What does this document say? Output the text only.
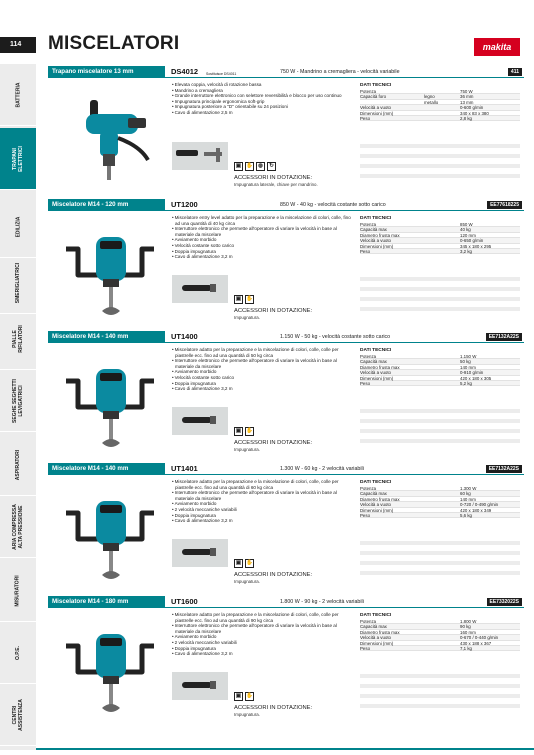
114	MISCELATORI	makita
BATTERIA
TRAPANI
ELETTRICI
EDILIZIA
SMERIGLIATRICI
PIALLE
RIFILATORI
SEGHE SEGHETTI
LEVIGATRICI
ASPIRATORI
ARIA COMPRESSA
ALTA PRESSIONE
MISURATORI
O.P.E.
CENTRI
ASSISTENZA
Trapano miscelatore 13 mm	DS4012 Sostituisce DS4011	750 W - Mandrino a cremagliera - velocità variabile	411
• Elevata coppia, velocità di rotazione bassa
• Mandrino a cremagliera
• Grande interruttore elettronico con selettore reversibilità e blocco per uso continuo
• Impugnatura principale ergonomica soft-grip
• Impugnatura posteriore a "D" orientabile su 24 posizioni
• Cavo di alimentazione 2,5 m
DATI TECNICI
Potenza	750 W
Capacità foro	legno	36 mm
metallo	13 mm
Velocità a vuoto	0-600 g/min
Dimensioni (mm)	340 x 83 x 380
Peso	2,8 kg
▣ ✋ ◍	↻
ACCESSORI IN DOTAZIONE:
Impugnatura laterale, chiave per mandrino.
Miscelatore M14 - 120 mm	UT1200	850 W - 40 kg - velocità costante sotto carico	EE77618225
• Miscelatore entry level adatto per la preparazione e la miscelazione di colori, colle, fino ad una quantità di 40 kg circa
• Interruttore elettronico che permette all'operatore di variare la velocità in base al materiale da miscelare
• Avviamento morbido
• Velocità costante sotto carico
• Doppia impugnatura
• Cavo di alimentazione 3,2 m
DATI TECNICI
Potenza	850 W
Capacità max	40 kg
Diametro frusta max	120 mm
Velocità a vuoto	0-650 g/min
Dimensioni (mm)	345 x 180 x 295
Peso	3,2 kg
▣ ✋
ACCESSORI IN DOTAZIONE:
Impugnatura.
Miscelatore M14 - 140 mm	UT1400	1.150 W - 50 kg - velocità costante sotto carico	EE7132A22S
• Miscelatore adatto per la preparazione e la miscelazione di colori, colle, colle per piastrelle ecc. fino ad una quantità di 50 kg circa
• Interruttore elettronico che permette all'operatore di variare la velocità in base al materiale da miscelare
• Avviamento morbido
• Velocità costante sotto carico
• Doppia impugnatura
• Cavo di alimentazione 3,2 m
DATI TECNICI
Potenza	1.150 W
Capacità max	50 kg
Diametro frusta max	140 mm
Velocità a vuoto	0-910 g/min
Dimensioni (mm)	420 x 180 x 305
Peso	5,2 kg
▣ ✋
ACCESSORI IN DOTAZIONE:
Impugnatura.
Miscelatore M14 - 140 mm	UT1401	1.300 W - 60 kg - 2 velocità variabili	EE7132A22S
• Miscelatore adatto per la preparazione e la miscelazione di colori, colle, colle per piastrelle ecc. fino ad una quantità di 60 kg circa
• Interruttore elettronico che permette all'operatore di variare la velocità in base al materiale da miscelare
• Avviamento morbido
• 2 velocità meccaniche variabili
• Doppia impugnatura
• Cavo di alimentazione 3,2 m
DATI TECNICI
Potenza	1.300 W
Capacità max	60 kg
Diametro frusta max	140 mm
Velocità a vuoto	0-720 / 0-490 g/min
Dimensioni (mm)	420 x 180 x 349
Peso	5,6 kg
▣ ✋
ACCESSORI IN DOTAZIONE:
Impugnatura.
Miscelatore M14 - 180 mm	UT1600	1.800 W - 90 kg - 2 velocità variabili	EE7332022S
• Miscelatore adatto per la preparazione e la miscelazione di colori, colle, colle per piastrelle ecc. fino ad una quantità di 90 kg circa
• Interruttore elettronico che permette all'operatore di variare la velocità in base al materiale da miscelare
• Avviamento morbido
• 2 velocità meccaniche variabili
• Doppia impugnatura
• Cavo di alimentazione 3,2 m
DATI TECNICI
Potenza	1.800 W
Capacità max	90 kg
Diametro frusta max	160 mm
Velocità a vuoto	0-670 / 0-440 g/min
Dimensioni (mm)	430 x 188 x 367
Peso	7,1 kg
▣ ✋
ACCESSORI IN DOTAZIONE:
Impugnatura.
